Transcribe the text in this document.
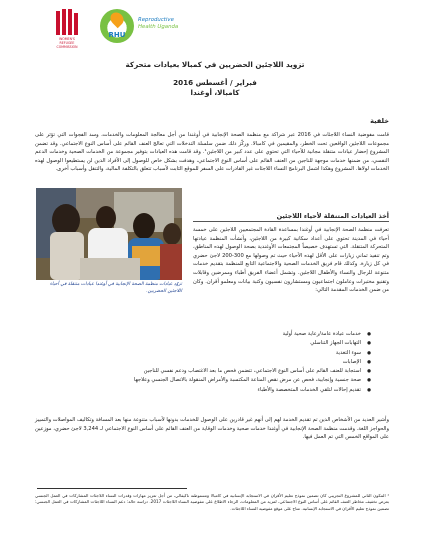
WOMEN'S REFUGEE COMMISSION
RHU
Reproductive
Health Uganda
تزويد اللاجئين الحضريين في كمبالا بعيادات متحركة
فبراير / أغسطس 2016
كامبالا، أوغندا
خلفية
قامت مفوضية النساء اللاجئات في 2016 عبر شراكة مع منظمة الصحة الإنجابية في أوغندا من أجل معالجة المعلومات والخدمات، وسد الفجوات التي تؤثر على مجموعات اللاجئين الواقعين تحت الخطر، والمقيمين في كامبالا. وركّز ذلك ضمن سلسلة التدخلات التي تعالج العنف القائم على أساس النوع الاجتماعي. وقد تضمن المشروع إحضار عيادات متنقلة مجانية للأحياء التي تحتوي على عدد كبير من اللاجئين¹. وقد قامت هذه العيادات بتوفير مجموعة من الخدمات الصحية وخدمات الدعم النفسي، من ضمنها خدمات موجهة للناجين من العنف القائم على أساس النوع الاجتماعي، وهدفت بشكل خاص للوصول إلى الأفراد الذين لن يستطيعوا الوصول لهذه الخدمات لولاها. المشروع وهكذا اشمل البرنامج النساء اللاجئات غير القادرات على السفر للموقع الثابت لأسباب تتعلق بالتكلفة المالية، والتنقل وأسباب أخرى.
تزوّد عيادات منظمة الصحة الإنجابية في أوغندا عيادات متنقلة في أحياء اللاجئين الحضريين.
أخذ العيادات المتنقلة لأحياء اللاجئين
تعرفت منظمة الصحة الإنجابية في أوغندا بمساعدة القادة المجتمعيين اللاجئين على خمسة أحياء في المدينة تحتوي على أعداد سكانية كبيرة من اللاجئين، وأنشأت المنظمة عيادتها المتحركة المتنقلة. التي تستهدف خصيصاً المجتمعات الأوغندية بصحة الوصول لهذه المناطق، وتم تنفيذ ثماني زيارات على الأقل لهذه الأحياء حيث تم وصولها مع 300-200 لاجئ حضري في كل زيارة. وكذلك قام فريق الخدمات الصحية والاجتماعية التابع للمنظمة بتقديم خدمات متنوعة للرجال والنساء والأطفال اللاجئين. وتشمل أعضاء الفريق أطباء وممرضين وقابلات وتقنيو مختبرات وعاملون اجتماعيون ومستشارون نفسيون وكتبة بيانات ومعلمو أقران. وكان من ضمن الخدمات المقدمة التالي:
● خدمات عيادة عامة/رعاية صحية أولية
● التهابات الجهاز التناسلي
● سوء التغذية
● الإصابات
● استجابة للعنف القائم على أساس النوع الاجتماعي، تتضمن فحص ما بعد الاغتصاب ودعم نفسي للناجين
● صحة جنسية وإنجابية، فحص عن مرض نقص المناعة المكتسبة والأمراض المنقولة بالاتصال الجنسي وعلاجها
● تقديم إحالات لتلقي الخدمات المتخصصة والأطباء
وأشير العديد من الأشخاص الذين تم تقديم الخدمة لهم إلى أنهم غير قادرين على الوصول للخدمات بدونها لأسباب متنوعة منها بعد المسافة وتكاليف المواصلات والتمييز والحواجز اللغة. وقدمت منظمة الصحة الإنجابية في أوغندا خدمات صحية وخدمات الوقاية من العنف القائم على أساس النوع الاجتماعي لـ 3,244 لاجئ حضري، موزعين على المواقع الخمس التي تم العمل فيها.
¹ المكون الثاني للمشروع التجريبي كان تضمين نموذج تعليم الأقران في الاستجابة الإنسانية في كامبالا ومستوطنة ناكيفالي، من أجل تعزيز مهارات وقدرات النساء اللاجئات المشاركات في العمل الجنسي بعرض تخفيف مخاطر العنف القائم على أساس النوع الاجتماعي، لمزيد من المعلومات، الرجاء الاطلاع على مفوضية النساء اللاجئات 2017. دراسة حالة: دعم النساء اللاجئات المشاركات في العمل الجنسي: تضمين نموذج تعليم الأقران في الاستجابة الإنسانية. متاح على موقع مفوضية النساء اللاجئات.
